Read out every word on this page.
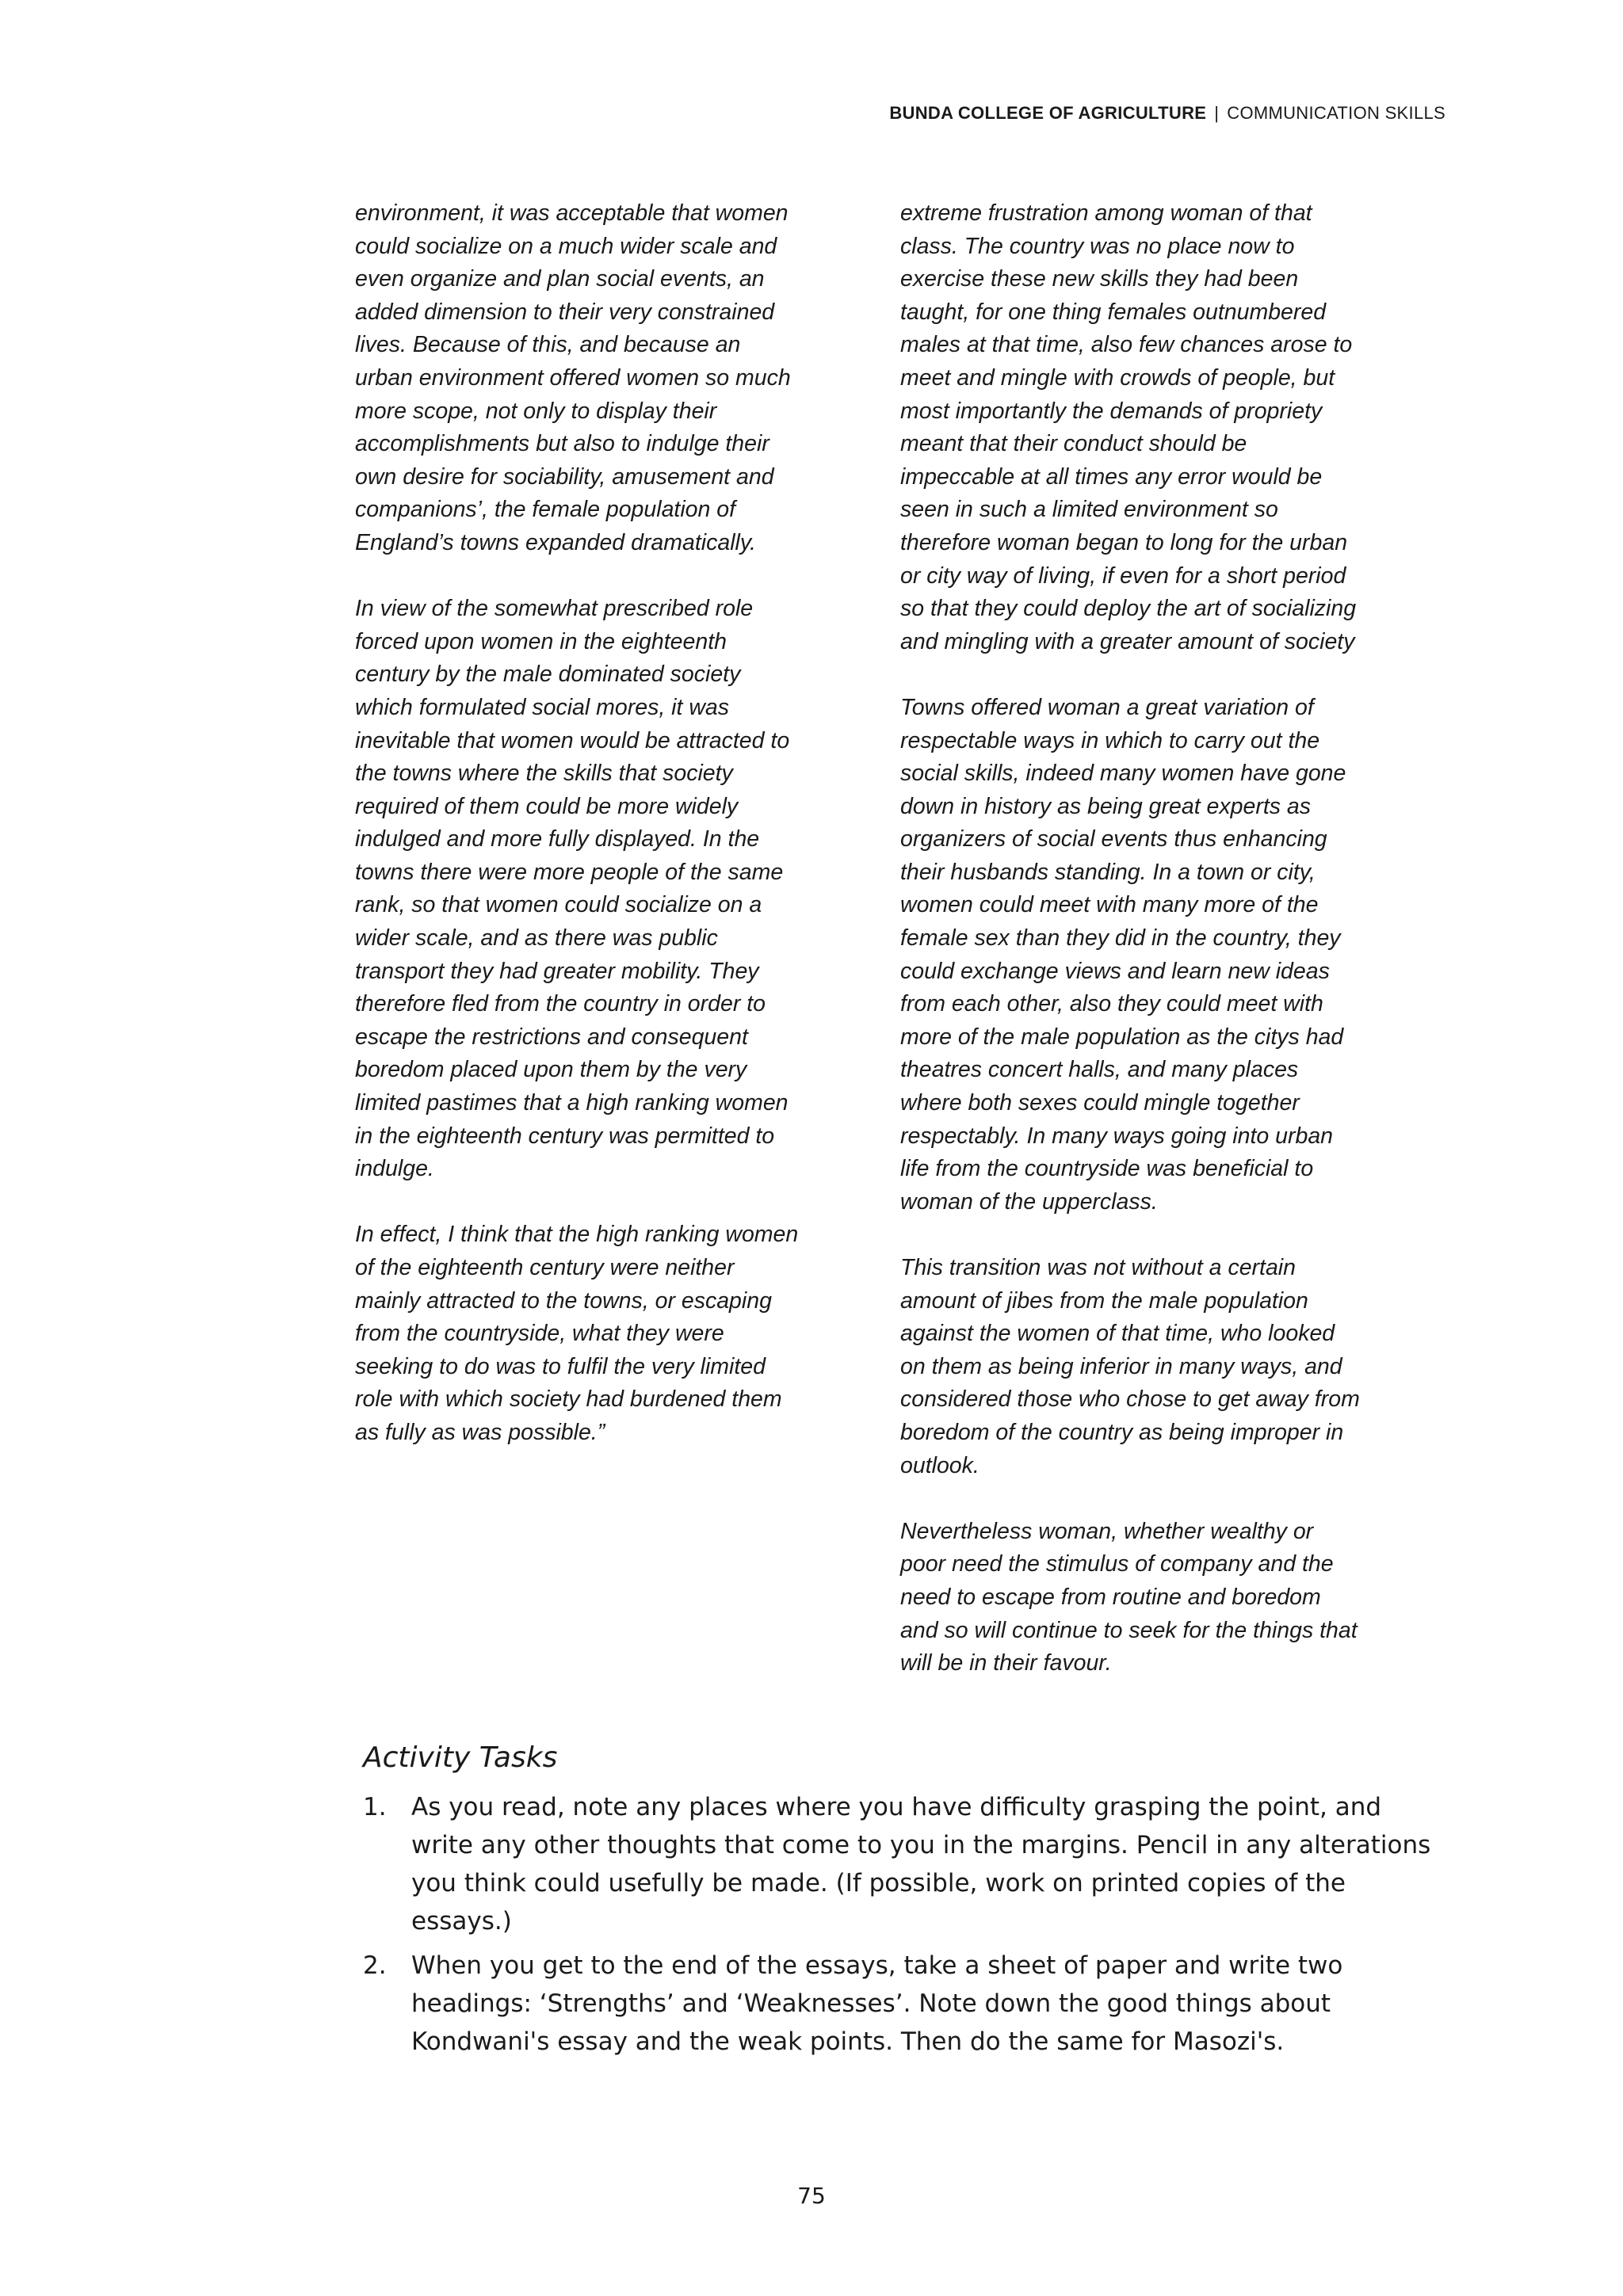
BUNDA COLLEGE OF AGRICULTURE | COMMUNICATION SKILLS

environment, it was acceptable that women
could socialize on a much wider scale and
even organize and plan social events, an
added dimension to their very constrained
lives. Because of this, and because an
urban environment offered women so much
more scope, not only to display their
accomplishments but also to indulge their
own desire for sociability, amusement and
companions’, the female population of
England’s towns expanded dramatically.

In view of the somewhat prescribed role
forced upon women in the eighteenth
century by the male dominated society
which formulated social mores, it was
inevitable that women would be attracted to
the towns where the skills that society
required of them could be more widely
indulged and more fully displayed. In the
towns there were more people of the same
rank, so that women could socialize on a
wider scale, and as there was public
transport they had greater mobility. They
therefore fled from the country in order to
escape the restrictions and consequent
boredom placed upon them by the very
limited pastimes that a high ranking women
in the eighteenth century was permitted to
indulge.

In effect, I think that the high ranking women
of the eighteenth century were neither
mainly attracted to the towns, or escaping
from the countryside, what they were
seeking to do was to fulfil the very limited
role with which society had burdened them
as fully as was possible.”

extreme frustration among woman of that
class. The country was no place now to
exercise these new skills they had been
taught, for one thing females outnumbered
males at that time, also few chances arose to
meet and mingle with crowds of people, but
most importantly the demands of propriety
meant that their conduct should be
impeccable at all times any error would be
seen in such a limited environment so
therefore woman began to long for the urban
or city way of living, if even for a short period
so that they could deploy the art of socializing
and mingling with a greater amount of society

Towns offered woman a great variation of
respectable ways in which to carry out the
social skills, indeed many women have gone
down in history as being great experts as
organizers of social events thus enhancing
their husbands standing. In a town or city,
women could meet with many more of the
female sex than they did in the country, they
could exchange views and learn new ideas
from each other, also they could meet with
more of the male population as the citys had
theatres concert halls, and many places
where both sexes could mingle together
respectably. In many ways going into urban
life from the countryside was beneficial to
woman of the upperclass.

This transition was not without a certain
amount of jibes from the male population
against the women of that time, who looked
on them as being inferior in many ways, and
considered those who chose to get away from
boredom of the country as being improper in
outlook.

Nevertheless woman, whether wealthy or
poor need the stimulus of company and the
need to escape from routine and boredom
and so will continue to seek for the things that
will be in their favour.

Activity Tasks
1. As you read, note any places where you have difficulty grasping the point, and write any other thoughts that come to you in the margins. Pencil in any alterations you think could usefully be made. (If possible, work on printed copies of the essays.)
2. When you get to the end of the essays, take a sheet of paper and write two headings: ‘Strengths’ and ‘Weaknesses’. Note down the good things about Kondwani's essay and the weak points. Then do the same for Masozi's.
75
